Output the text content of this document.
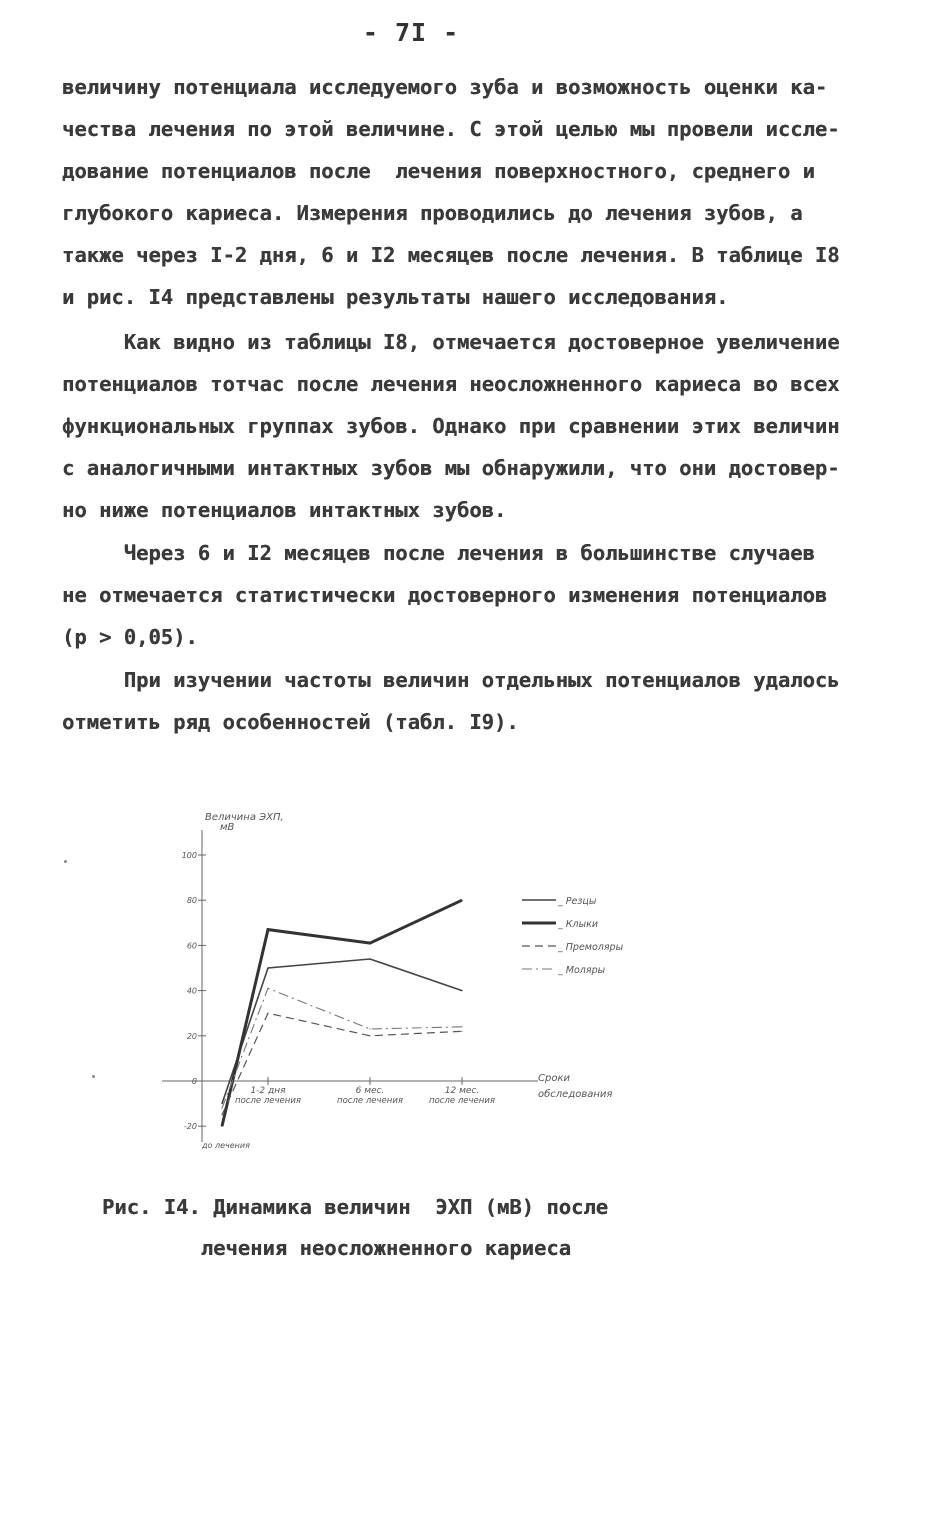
- 7I -
величину потенциала исследуемого зуба и возможность оценки ка-
чества лечения по этой величине. С этой целью мы провели иссле-
дование потенциалов после  лечения поверхностного, среднего и
глубокого кариеса. Измерения проводились до лечения зубов, а
также через I-2 дня, 6 и I2 месяцев после лечения. В таблице I8
и рис. I4 представлены результаты нашего исследования.
Как видно из таблицы I8, отмечается достоверное увеличение
потенциалов тотчас после лечения неосложненного кариеса во всех
функциональных группах зубов. Однако при сравнении этих величин
с аналогичными интактных зубов мы обнаружили, что они достовер-
но ниже потенциалов интактных зубов.
Через 6 и I2 месяцев после лечения в большинстве случаев
не отмечается статистически достоверного изменения потенциалов
(р > 0,05).
При изучении частоты величин отдельных потенциалов удалось
отметить ряд особенностей (табл. I9).
_ Резцы
_ Клыки
_ Премоляры
_ Моляры
100
80
60
40
20
0
-20
1-2 дня
после лечения
6 мес.
после лечения
12 мес.
после лечения
до лечения
Величина ЭХП,
мВ
Сроки
обследования
Рис. I4. Динамика величин  ЭХП (мВ) после
лечения неосложненного кариеса
